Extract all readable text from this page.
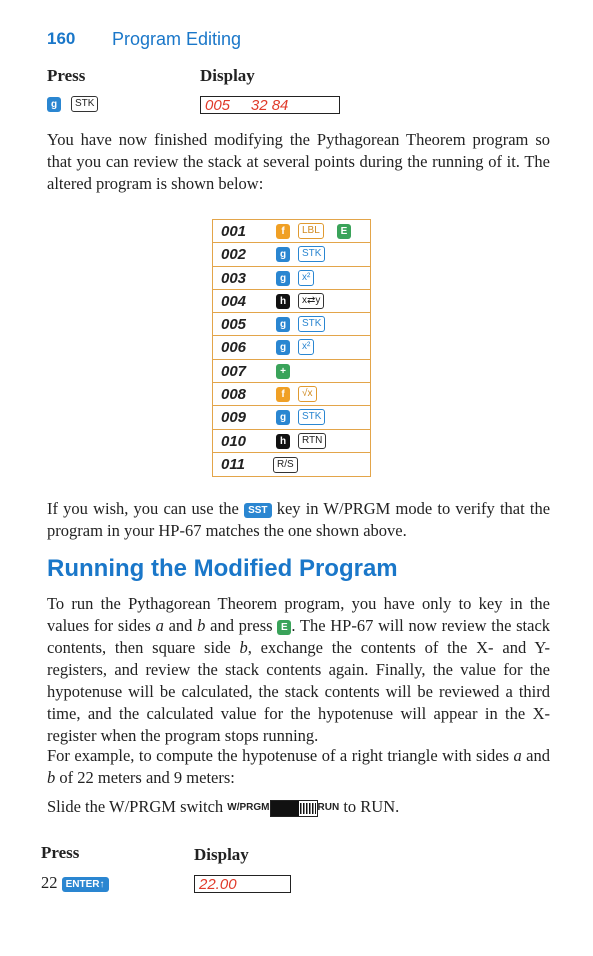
160 Program Editing
Press	Display
g STK	005     32 84

You have now finished modifying the Pythagorean Theorem program so that you can review the stack at several points during the running of it. The altered program is shown below:

001	f	LBL	E
002	g	STK
003	g	x²
004	h	x⇄y
005	g	STK
006	g	x²
007	+
008	f	√x
009	g	STK
010	h	RTN
011	R/S

If you wish, you can use the SST key in W/PRGM mode to verify that the program in your HP-67 matches the one shown above.

Running the Modified Program

To run the Pythagorean Theorem program, you have only to key in the values for sides a and b and press E . The HP-67 will now review the stack contents, then square side b, exchange the contents of the X- and Y-registers, and review the stack contents again. Finally, the value for the hypotenuse will be calculated, the stack contents will be reviewed a third time, and the calculated value for the hypotenuse will appear in the X-register when the program stops running.

For example, to compute the hypotenuse of a right triangle with sides a and b of 22 meters and 9 meters:

Slide the W/PRGM switch W/PRGM	RUN to RUN.

Press	Display
22 ENTER↑	22.00
